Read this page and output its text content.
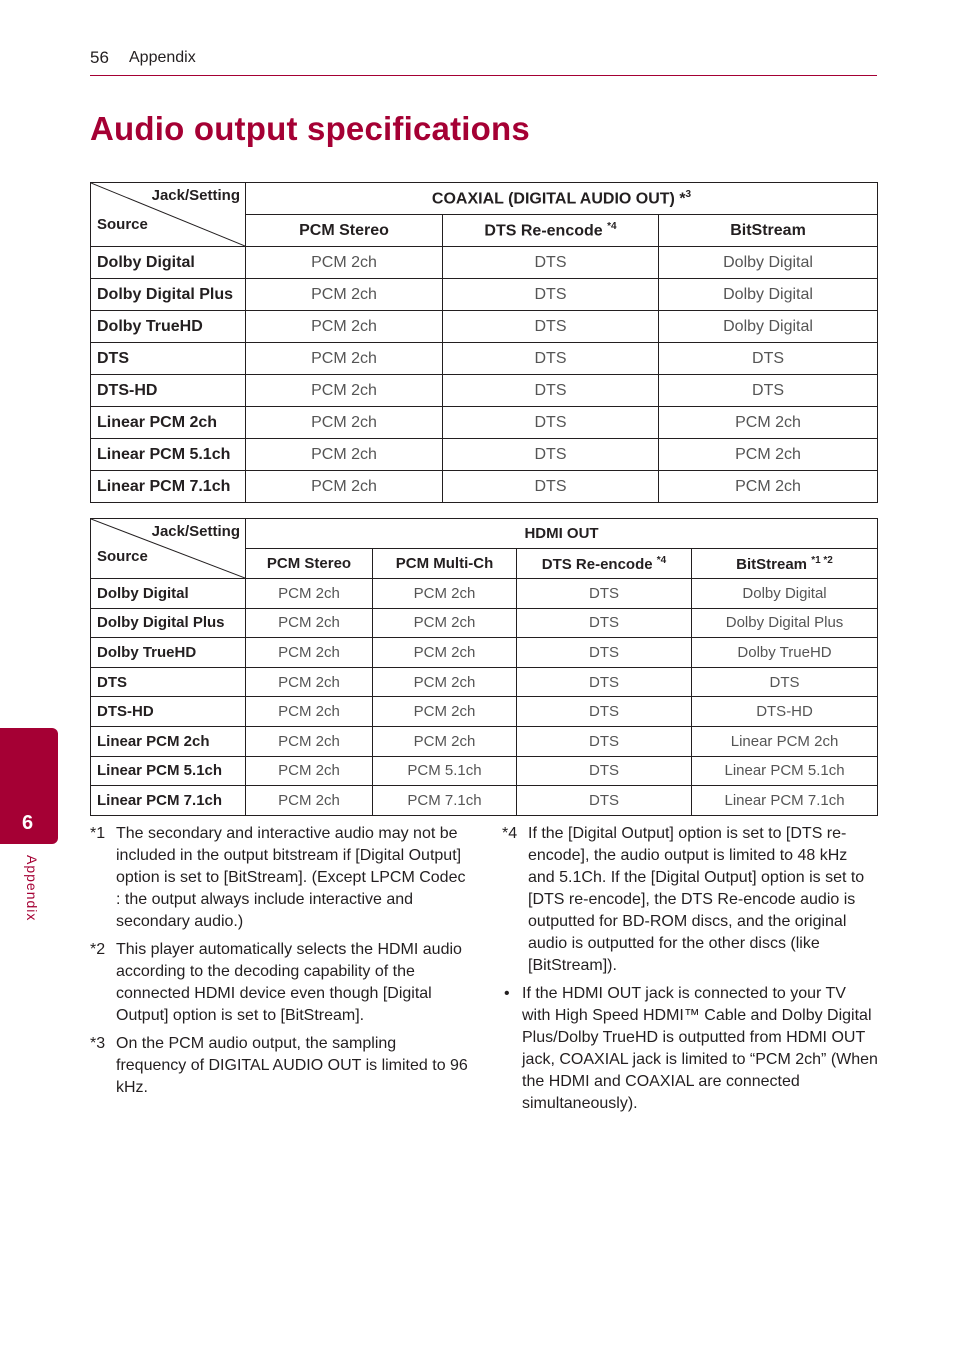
56 Appendix
Audio output specifications
Jack/Setting
Source	COAXIAL (DIGITAL AUDIO OUT) *$^3$
	PCM Stereo	DTS Re-encode $^{*4}$	BitStream
Dolby Digital	PCM 2ch	DTS	Dolby Digital
Dolby Digital Plus	PCM 2ch	DTS	Dolby Digital
Dolby TrueHD	PCM 2ch	DTS	Dolby Digital
DTS	PCM 2ch	DTS	DTS
DTS-HD	PCM 2ch	DTS	DTS
Linear PCM 2ch	PCM 2ch	DTS	PCM 2ch
Linear PCM 5.1ch	PCM 2ch	DTS	PCM 2ch
Linear PCM 7.1ch	PCM 2ch	DTS	PCM 2ch
Jack/Setting
Source	HDMI OUT			
	PCM Stereo	PCM Multi-Ch	DTS Re-encode $^{*4}$	BitStream $^{*1 *2}$
Dolby Digital	PCM 2ch	PCM 2ch	DTS	Dolby Digital
Dolby Digital Plus	PCM 2ch	PCM 2ch	DTS	Dolby Digital Plus
Dolby TrueHD	PCM 2ch	PCM 2ch	DTS	Dolby TrueHD
DTS	PCM 2ch	PCM 2ch	DTS	DTS
DTS-HD	PCM 2ch	PCM 2ch	DTS	DTS-HD
Linear PCM 2ch	PCM 2ch	PCM 2ch	DTS	Linear PCM 2ch
Linear PCM 5.1ch	PCM 2ch	PCM 5.1ch	DTS	Linear PCM 5.1ch
Linear PCM 7.1ch	PCM 2ch	PCM 7.1ch	DTS	Linear PCM 7.1ch
6
Appendix
*1 The secondary and interactive audio may not be included in the output bitstream if [Digital Output] option is set to [BitStream]. (Except LPCM Codec : the output always include interactive and secondary audio.)
*2 This player automatically selects the HDMI audio according to the decoding capability of the connected HDMI device even though [Digital Output] option is set to [BitStream].
*3 On the PCM audio output, the sampling frequency of DIGITAL AUDIO OUT is limited to 96 kHz.
*4 If the [Digital Output] option is set to [DTS re-encode], the audio output is limited to 48 kHz and 5.1Ch. If the [Digital Output] option is set to [DTS re-encode], the DTS Re-encode audio is outputted for BD-ROM discs, and the original audio is outputted for the other discs (like [BitStream]).
• If the HDMI OUT jack is connected to your TV with High Speed HDMI™ Cable and Dolby Digital Plus/Dolby TrueHD is outputted from HDMI OUT jack, COAXIAL jack is limited to “PCM 2ch” (When the HDMI and COAXIAL are connected simultaneously).
